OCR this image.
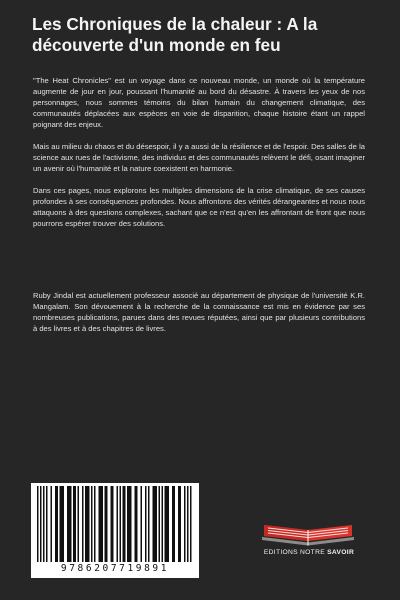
Les Chroniques de la chaleur : A la découverte d'un monde en feu

"The Heat Chronicles" est un voyage dans ce nouveau monde, un monde où la température augmente de jour en jour, poussant l'humanité au bord du désastre. À travers les yeux de nos personnages, nous sommes témoins du bilan humain du changement climatique, des communautés déplacées aux espèces en voie de disparition, chaque histoire étant un rappel poignant des enjeux.

Mais au milieu du chaos et du désespoir, il y a aussi de la résilience et de l'espoir. Des salles de la science aux rues de l'activisme, des individus et des communautés relèvent le défi, osant imaginer un avenir où l'humanité et la nature coexistent en harmonie.

Dans ces pages, nous explorons les multiples dimensions de la crise climatique, de ses causes profondes à ses conséquences profondes. Nous affrontons des vérités dérangeantes et nous nous attaquons à des questions complexes, sachant que ce n'est qu'en les affrontant de front que nous pourrons espérer trouver des solutions.

Ruby Jindal est actuellement professeur associé au département de physique de l'université K.R. Mangalam. Son dévouement à la recherche de la connaissance est mis en évidence par ses nombreuses publications, parues dans des revues réputées, ainsi que par plusieurs contributions à des livres et à des chapitres de livres.

9786207719891
EDITIONS NOTRE SAVOIR
